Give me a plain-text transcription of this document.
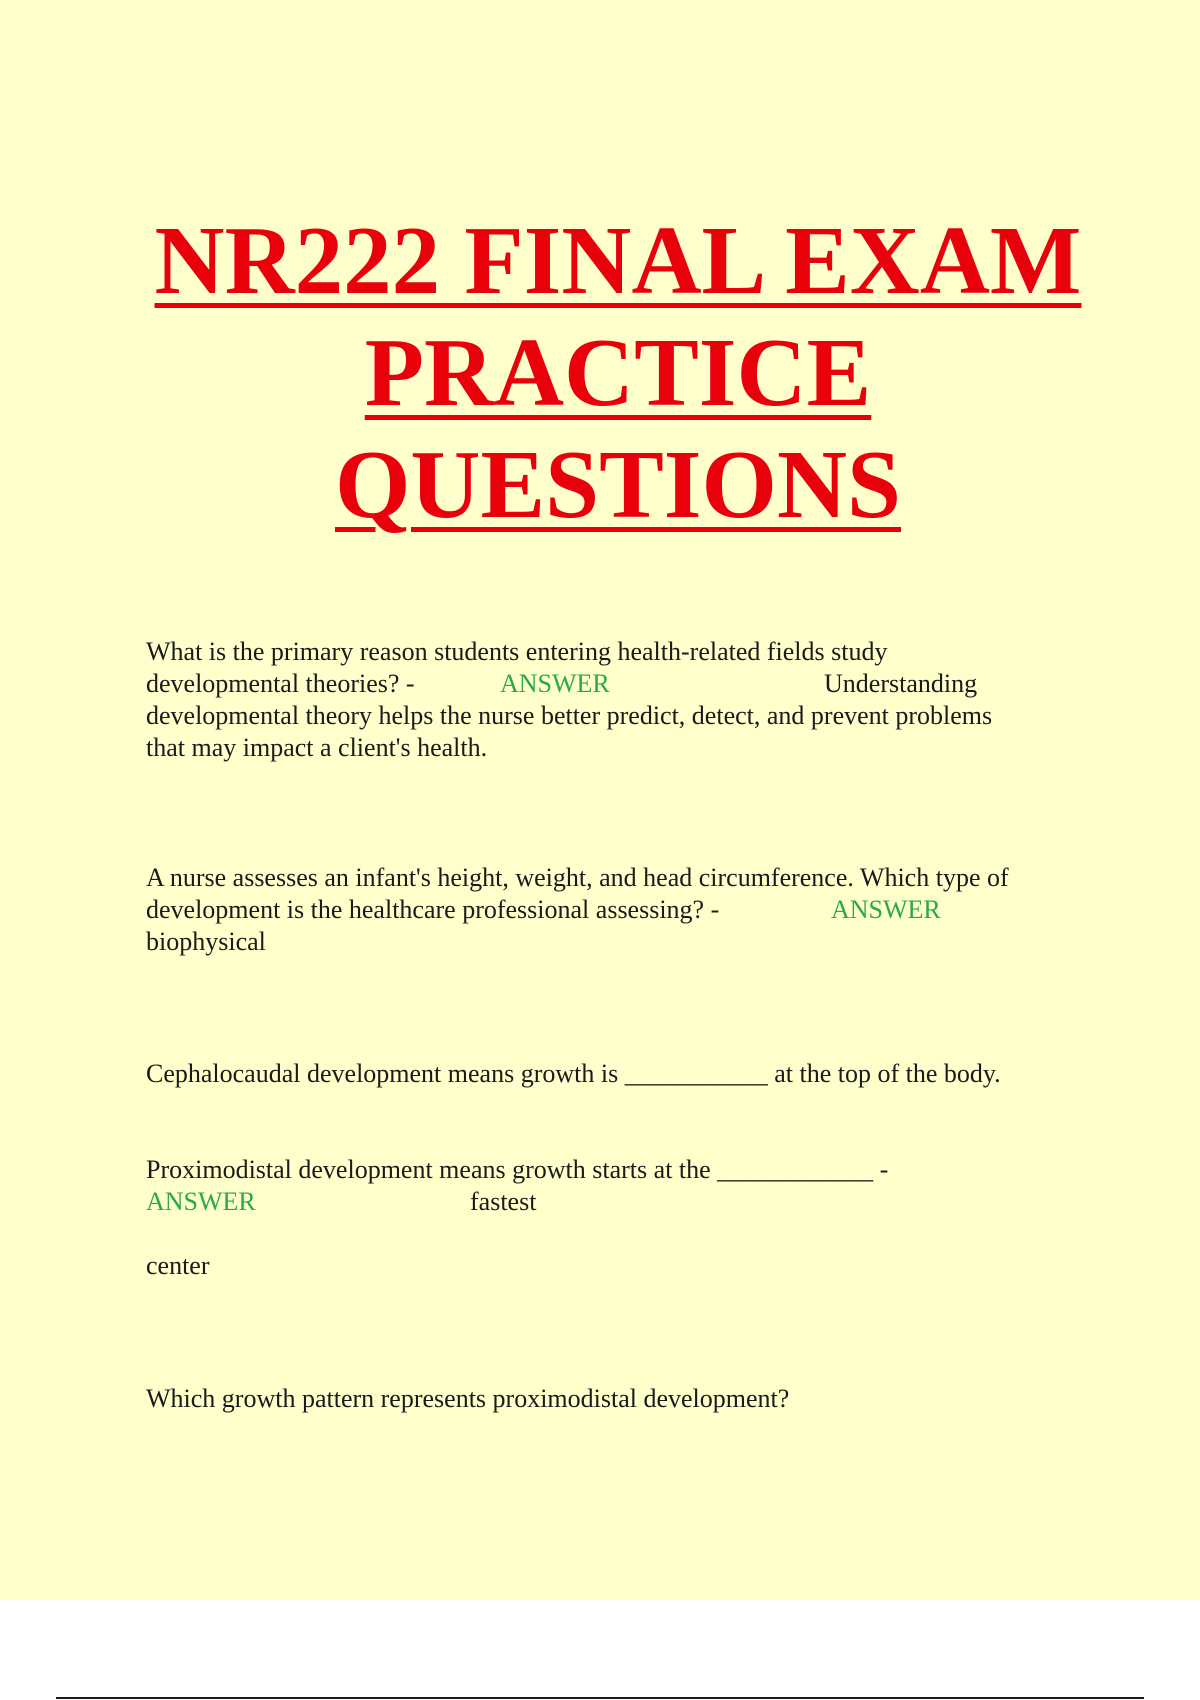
NR222 FINAL EXAM
PRACTICE
QUESTIONS
What is the primary reason students entering health-related fields study
developmental theories? -	ANSWER	Understanding
developmental theory helps the nurse better predict, detect, and prevent problems
that may impact a client's health.
A nurse assesses an infant's height, weight, and head circumference. Which type of
development is the healthcare professional assessing? -	ANSWER
biophysical
Cephalocaudal development means growth is ___________ at the top of the body.
Proximodistal development means growth starts at the ____________ -
ANSWER	fastest
center
Which growth pattern represents proximodistal development?
